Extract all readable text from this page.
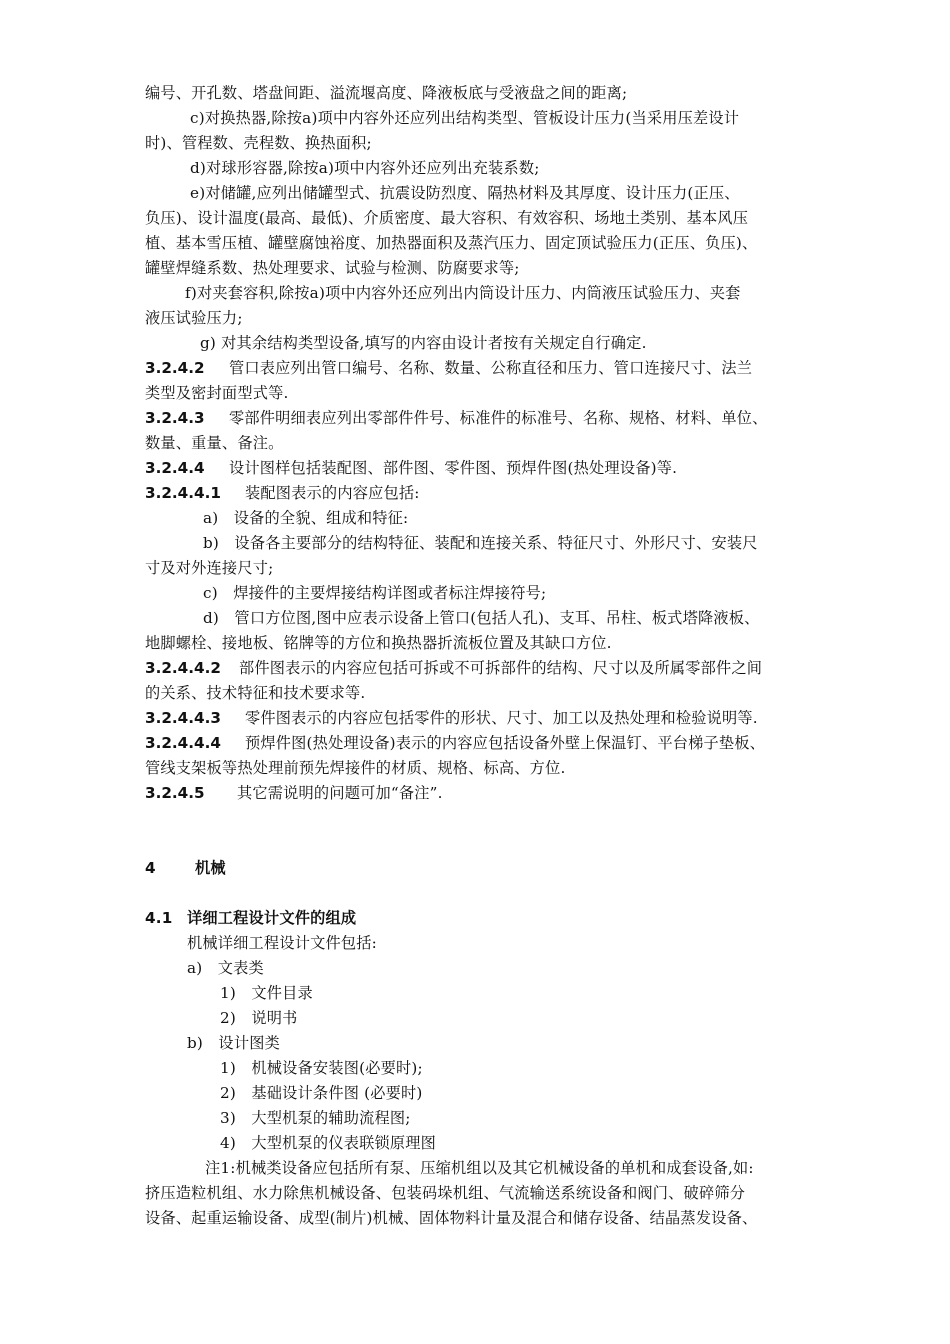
编号、开孔数、塔盘间距、溢流堰高度、降液板底与受液盘之间的距离;
c)对换热器,除按a)项中内容外还应列出结构类型、管板设计压力(当采用压差设计
时)、管程数、壳程数、换热面积;
d)对球形容器,除按a)项中内容外还应列出充装系数;
e)对储罐,应列出储罐型式、抗震设防烈度、隔热材料及其厚度、设计压力(正压、
负压)、设计温度(最高、最低)、介质密度、最大容积、有效容积、场地土类别、基本风压
植、基本雪压植、罐壁腐蚀裕度、加热器面积及蒸汽压力、固定顶试验压力(正压、负压)、
罐壁焊缝系数、热处理要求、试验与检测、防腐要求等;
f)对夹套容积,除按a)项中内容外还应列出内筒设计压力、内筒液压试验压力、夹套
液压试验压力;
g) 对其余结构类型设备,填写的内容由设计者按有关规定自行确定.
3.2.4.2 管口表应列出管口编号、名称、数量、公称直径和压力、管口连接尺寸、法兰
类型及密封面型式等.
3.2.4.3 零部件明细表应列出零部件件号、标准件的标准号、名称、规格、材料、单位、
数量、重量、备注。
3.2.4.4 设计图样包括装配图、部件图、零件图、预焊件图(热处理设备)等.
3.2.4.4.1 装配图表示的内容应包括:
a)　设备的全貌、组成和特征:
b)　设备各主要部分的结构特征、装配和连接关系、特征尺寸、外形尺寸、安装尺
寸及对外连接尺寸;
c)　焊接件的主要焊接结构详图或者标注焊接符号;
d)　管口方位图,图中应表示设备上管口(包括人孔)、支耳、吊柱、板式塔降液板、
地脚螺栓、接地板、铭牌等的方位和换热器折流板位置及其缺口方位.
3.2.4.4.2 部件图表示的内容应包括可拆或不可拆部件的结构、尺寸以及所属零部件之间
的关系、技术特征和技术要求等.
3.2.4.4.3 零件图表示的内容应包括零件的形状、尺寸、加工以及热处理和检验说明等.
3.2.4.4.4 预焊件图(热处理设备)表示的内容应包括设备外壁上保温钉、平台梯子垫板、
管线支架板等热处理前预先焊接件的材质、规格、标高、方位.
3.2.4.5 其它需说明的问题可加“备注”.
4	机械
4.1 详细工程设计文件的组成
机械详细工程设计文件包括:
a)　文表类
1)　文件目录
2)　说明书
b)　设计图类
1)　机械设备安装图(必要时);
2)　基础设计条件图 (必要时)
3)　大型机泵的辅助流程图;
4)　大型机泵的仪表联锁原理图
注1:机械类设备应包括所有泵、压缩机组以及其它机械设备的单机和成套设备,如:
挤压造粒机组、水力除焦机械设备、包装码垛机组、气流输送系统设备和阀门、破碎筛分
设备、起重运输设备、成型(制片)机械、固体物料计量及混合和储存设备、结晶蒸发设备、
